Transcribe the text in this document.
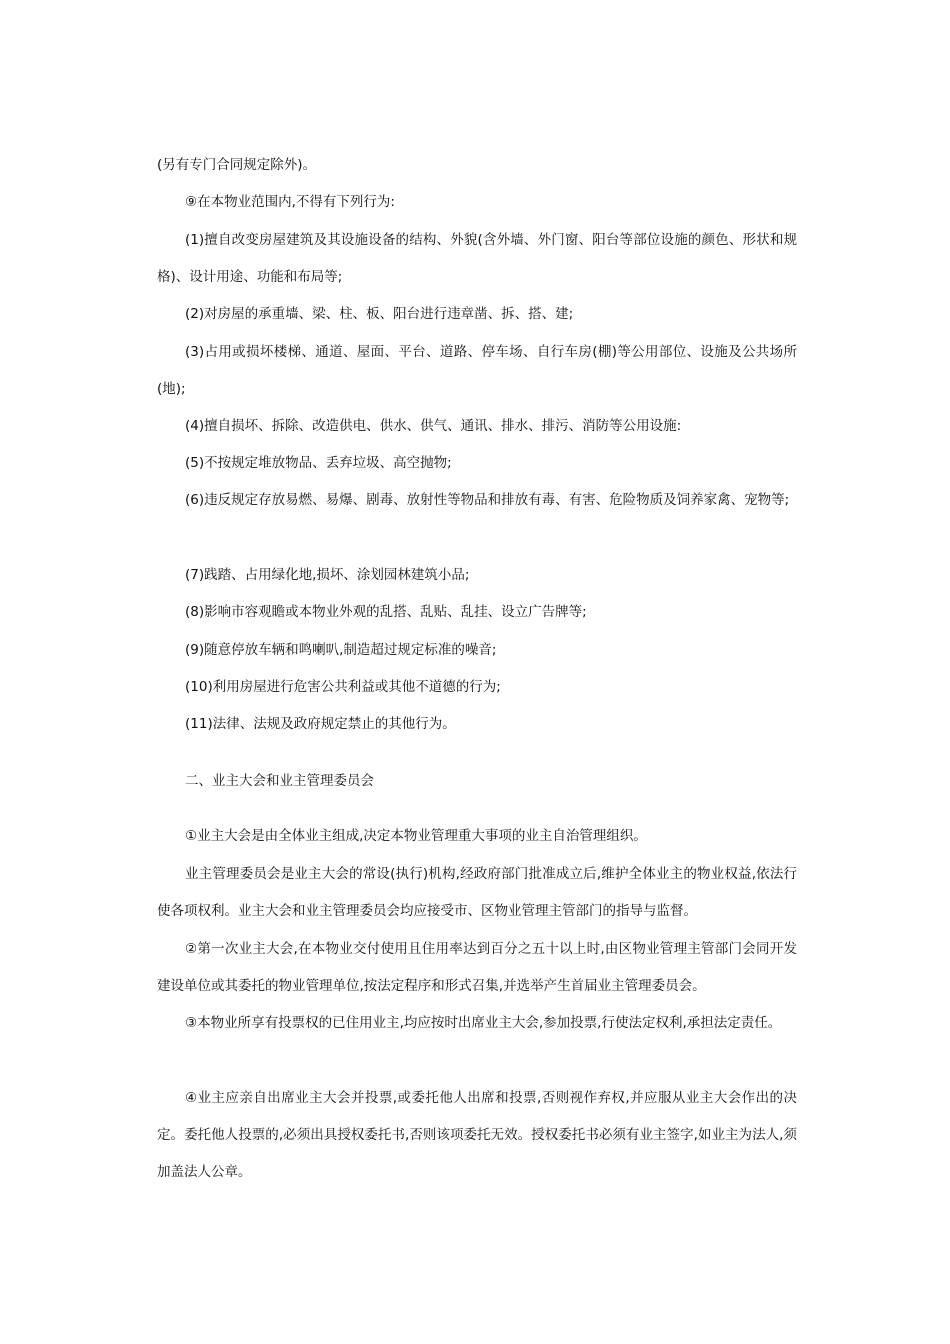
(另有专门合同规定除外)。

⑨在本物业范围内,不得有下列行为:

(1)擅自改变房屋建筑及其设施设备的结构、外貌(含外墙、外门窗、阳台等部位设施的颜色、形状和规格)、设计用途、功能和布局等;

(2)对房屋的承重墙、梁、柱、板、阳台进行违章凿、拆、搭、建;

(3)占用或损坏楼梯、通道、屋面、平台、道路、停车场、自行车房(棚)等公用部位、设施及公共场所(地);

(4)擅自损坏、拆除、改造供电、供水、供气、通讯、排水、排污、消防等公用设施:

(5)不按规定堆放物品、丢弃垃圾、高空抛物;

(6)违反规定存放易燃、易爆、剧毒、放射性等物品和排放有毒、有害、危险物质及饲养家禽、宠物等;

(7)践踏、占用绿化地,损坏、涂划园林建筑小品;

(8)影响市容观瞻或本物业外观的乱搭、乱贴、乱挂、设立广告牌等;

(9)随意停放车辆和鸣喇叭,制造超过规定标准的噪音;

(10)利用房屋进行危害公共利益或其他不道德的行为;

(11)法律、法规及政府规定禁止的其他行为。

二、业主大会和业主管理委员会

①业主大会是由全体业主组成,决定本物业管理重大事项的业主自治管理组织。

业主管理委员会是业主大会的常设(执行)机构,经政府部门批准成立后,维护全体业主的物业权益,依法行使各项权利。业主大会和业主管理委员会均应接受市、区物业管理主管部门的指导与监督。

②第一次业主大会,在本物业交付使用且住用率达到百分之五十以上时,由区物业管理主管部门会同开发建设单位或其委托的物业管理单位,按法定程序和形式召集,并选举产生首届业主管理委员会。

③本物业所享有投票权的已住用业主,均应按时出席业主大会,参加投票,行使法定权利,承担法定责任。

④业主应亲自出席业主大会并投票,或委托他人出席和投票,否则视作弃权,并应服从业主大会作出的决定。委托他人投票的,必须出具授权委托书,否则该项委托无效。授权委托书必须有业主签字,如业主为法人,须加盖法人公章。
